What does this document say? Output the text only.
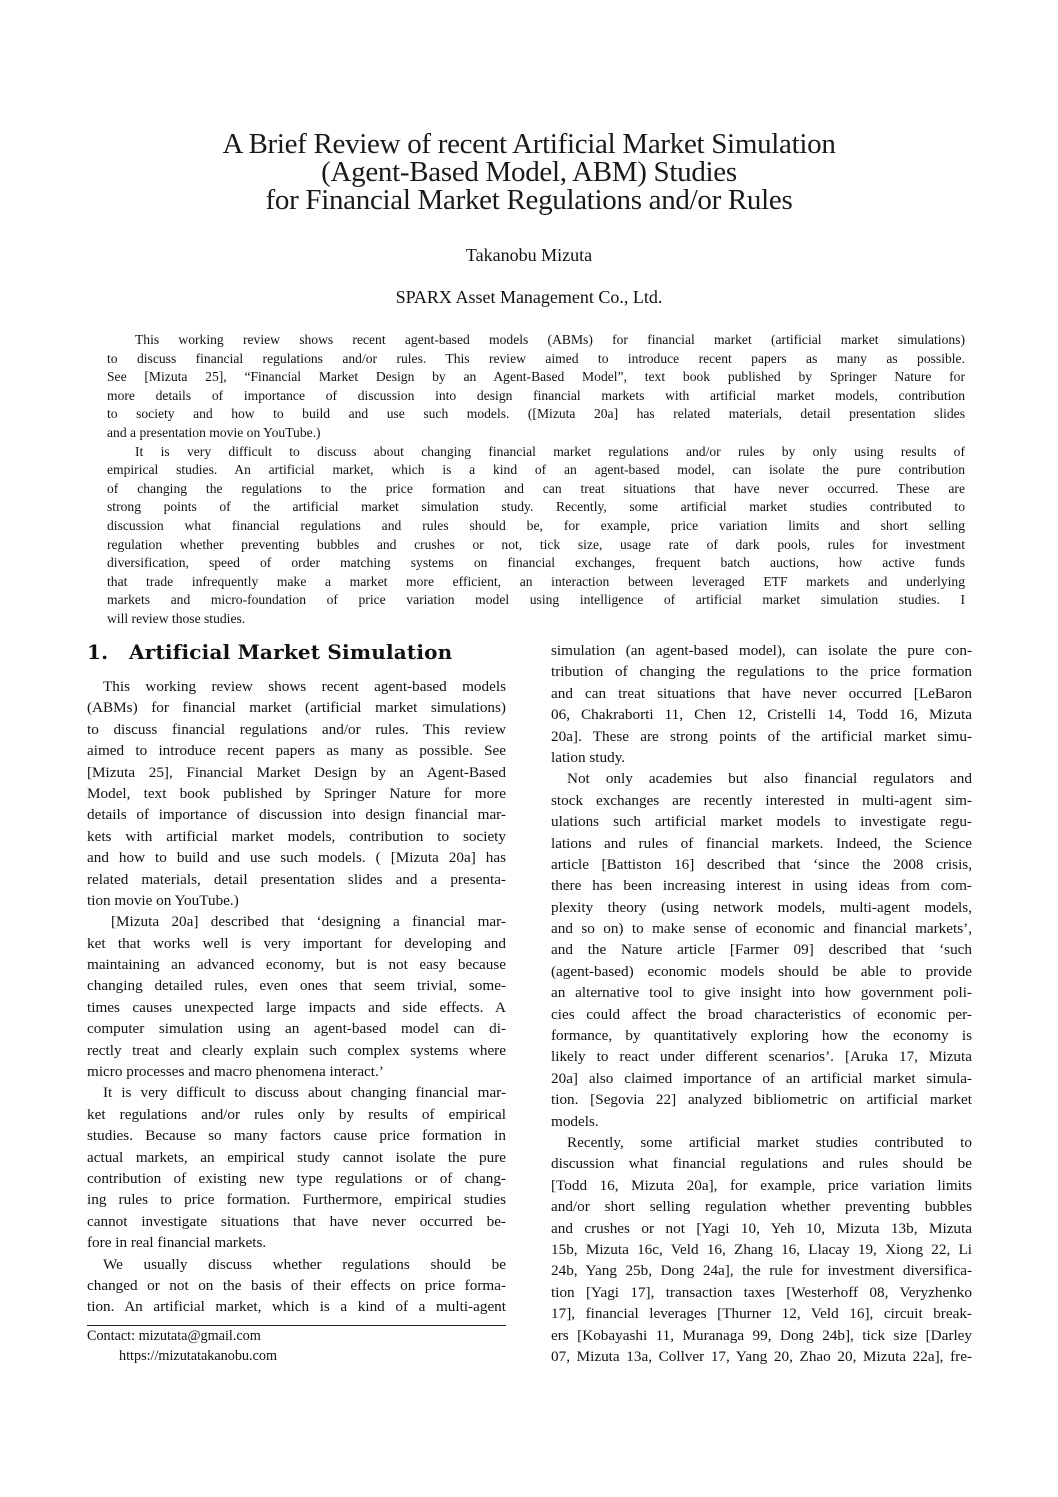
A Brief Review of recent Artificial Market Simulation
(Agent-Based Model, ABM) Studies
for Financial Market Regulations and/or Rules
Takanobu Mizuta
SPARX Asset Management Co., Ltd.
This working review shows recent agent-based models (ABMs) for financial market (artificial market simulations)
to discuss financial regulations and/or rules. This review aimed to introduce recent papers as many as possible.
See [Mizuta 25], “Financial Market Design by an Agent-Based Model”, text book published by Springer Nature for
more details of importance of discussion into design financial markets with artificial market models, contribution
to society and how to build and use such models. ([Mizuta 20a] has related materials, detail presentation slides
and a presentation movie on YouTube.)
It is very difficult to discuss about changing financial market regulations and/or rules by only using results of
empirical studies. An artificial market, which is a kind of an agent-based model, can isolate the pure contribution
of changing the regulations to the price formation and can treat situations that have never occurred. These are
strong points of the artificial market simulation study. Recently, some artificial market studies contributed to
discussion what financial regulations and rules should be, for example, price variation limits and short selling
regulation whether preventing bubbles and crushes or not, tick size, usage rate of dark pools, rules for investment
diversification, speed of order matching systems on financial exchanges, frequent batch auctions, how active funds
that trade infrequently make a market more efficient, an interaction between leveraged ETF markets and underlying
markets and micro-foundation of price variation model using intelligence of artificial market simulation studies. I
will review those studies.
1. Artificial Market Simulation
This working review shows recent agent-based models
(ABMs) for financial market (artificial market simulations)
to discuss financial regulations and/or rules. This review
aimed to introduce recent papers as many as possible. See
[Mizuta 25], Financial Market Design by an Agent-Based
Model, text book published by Springer Nature for more
details of importance of discussion into design financial mar-
kets with artificial market models, contribution to society
and how to build and use such models. ( [Mizuta 20a] has
related materials, detail presentation slides and a presenta-
tion movie on YouTube.)
[Mizuta 20a] described that ‘designing a financial mar-
ket that works well is very important for developing and
maintaining an advanced economy, but is not easy because
changing detailed rules, even ones that seem trivial, some-
times causes unexpected large impacts and side effects. A
computer simulation using an agent-based model can di-
rectly treat and clearly explain such complex systems where
micro processes and macro phenomena interact.’
It is very difficult to discuss about changing financial mar-
ket regulations and/or rules only by results of empirical
studies. Because so many factors cause price formation in
actual markets, an empirical study cannot isolate the pure
contribution of existing new type regulations or of chang-
ing rules to price formation. Furthermore, empirical studies
cannot investigate situations that have never occurred be-
fore in real financial markets.
We usually discuss whether regulations should be
changed or not on the basis of their effects on price forma-
tion. An artificial market, which is a kind of a multi-agent
Contact: mizutata@gmail.com
https://mizutatakanobu.com
simulation (an agent-based model), can isolate the pure con-
tribution of changing the regulations to the price formation
and can treat situations that have never occurred [LeBaron
06, Chakraborti 11, Chen 12, Cristelli 14, Todd 16, Mizuta
20a]. These are strong points of the artificial market simu-
lation study.
Not only academies but also financial regulators and
stock exchanges are recently interested in multi-agent sim-
ulations such artificial market models to investigate regu-
lations and rules of financial markets. Indeed, the Science
article [Battiston 16] described that ‘since the 2008 crisis,
there has been increasing interest in using ideas from com-
plexity theory (using network models, multi-agent models,
and so on) to make sense of economic and financial markets’,
and the Nature article [Farmer 09] described that ‘such
(agent-based) economic models should be able to provide
an alternative tool to give insight into how government poli-
cies could affect the broad characteristics of economic per-
formance, by quantitatively exploring how the economy is
likely to react under different scenarios’. [Aruka 17, Mizuta
20a] also claimed importance of an artificial market simula-
tion. [Segovia 22] analyzed bibliometric on artificial market
models.
Recently, some artificial market studies contributed to
discussion what financial regulations and rules should be
[Todd 16, Mizuta 20a], for example, price variation limits
and/or short selling regulation whether preventing bubbles
and crushes or not [Yagi 10, Yeh 10, Mizuta 13b, Mizuta
15b, Mizuta 16c, Veld 16, Zhang 16, Llacay 19, Xiong 22, Li
24b, Yang 25b, Dong 24a], the rule for investment diversifica-
tion [Yagi 17], transaction taxes [Westerhoff 08, Veryzhenko
17], financial leverages [Thurner 12, Veld 16], circuit break-
ers [Kobayashi 11, Muranaga 99, Dong 24b], tick size [Darley
07, Mizuta 13a, Collver 17, Yang 20, Zhao 20, Mizuta 22a], fre-
